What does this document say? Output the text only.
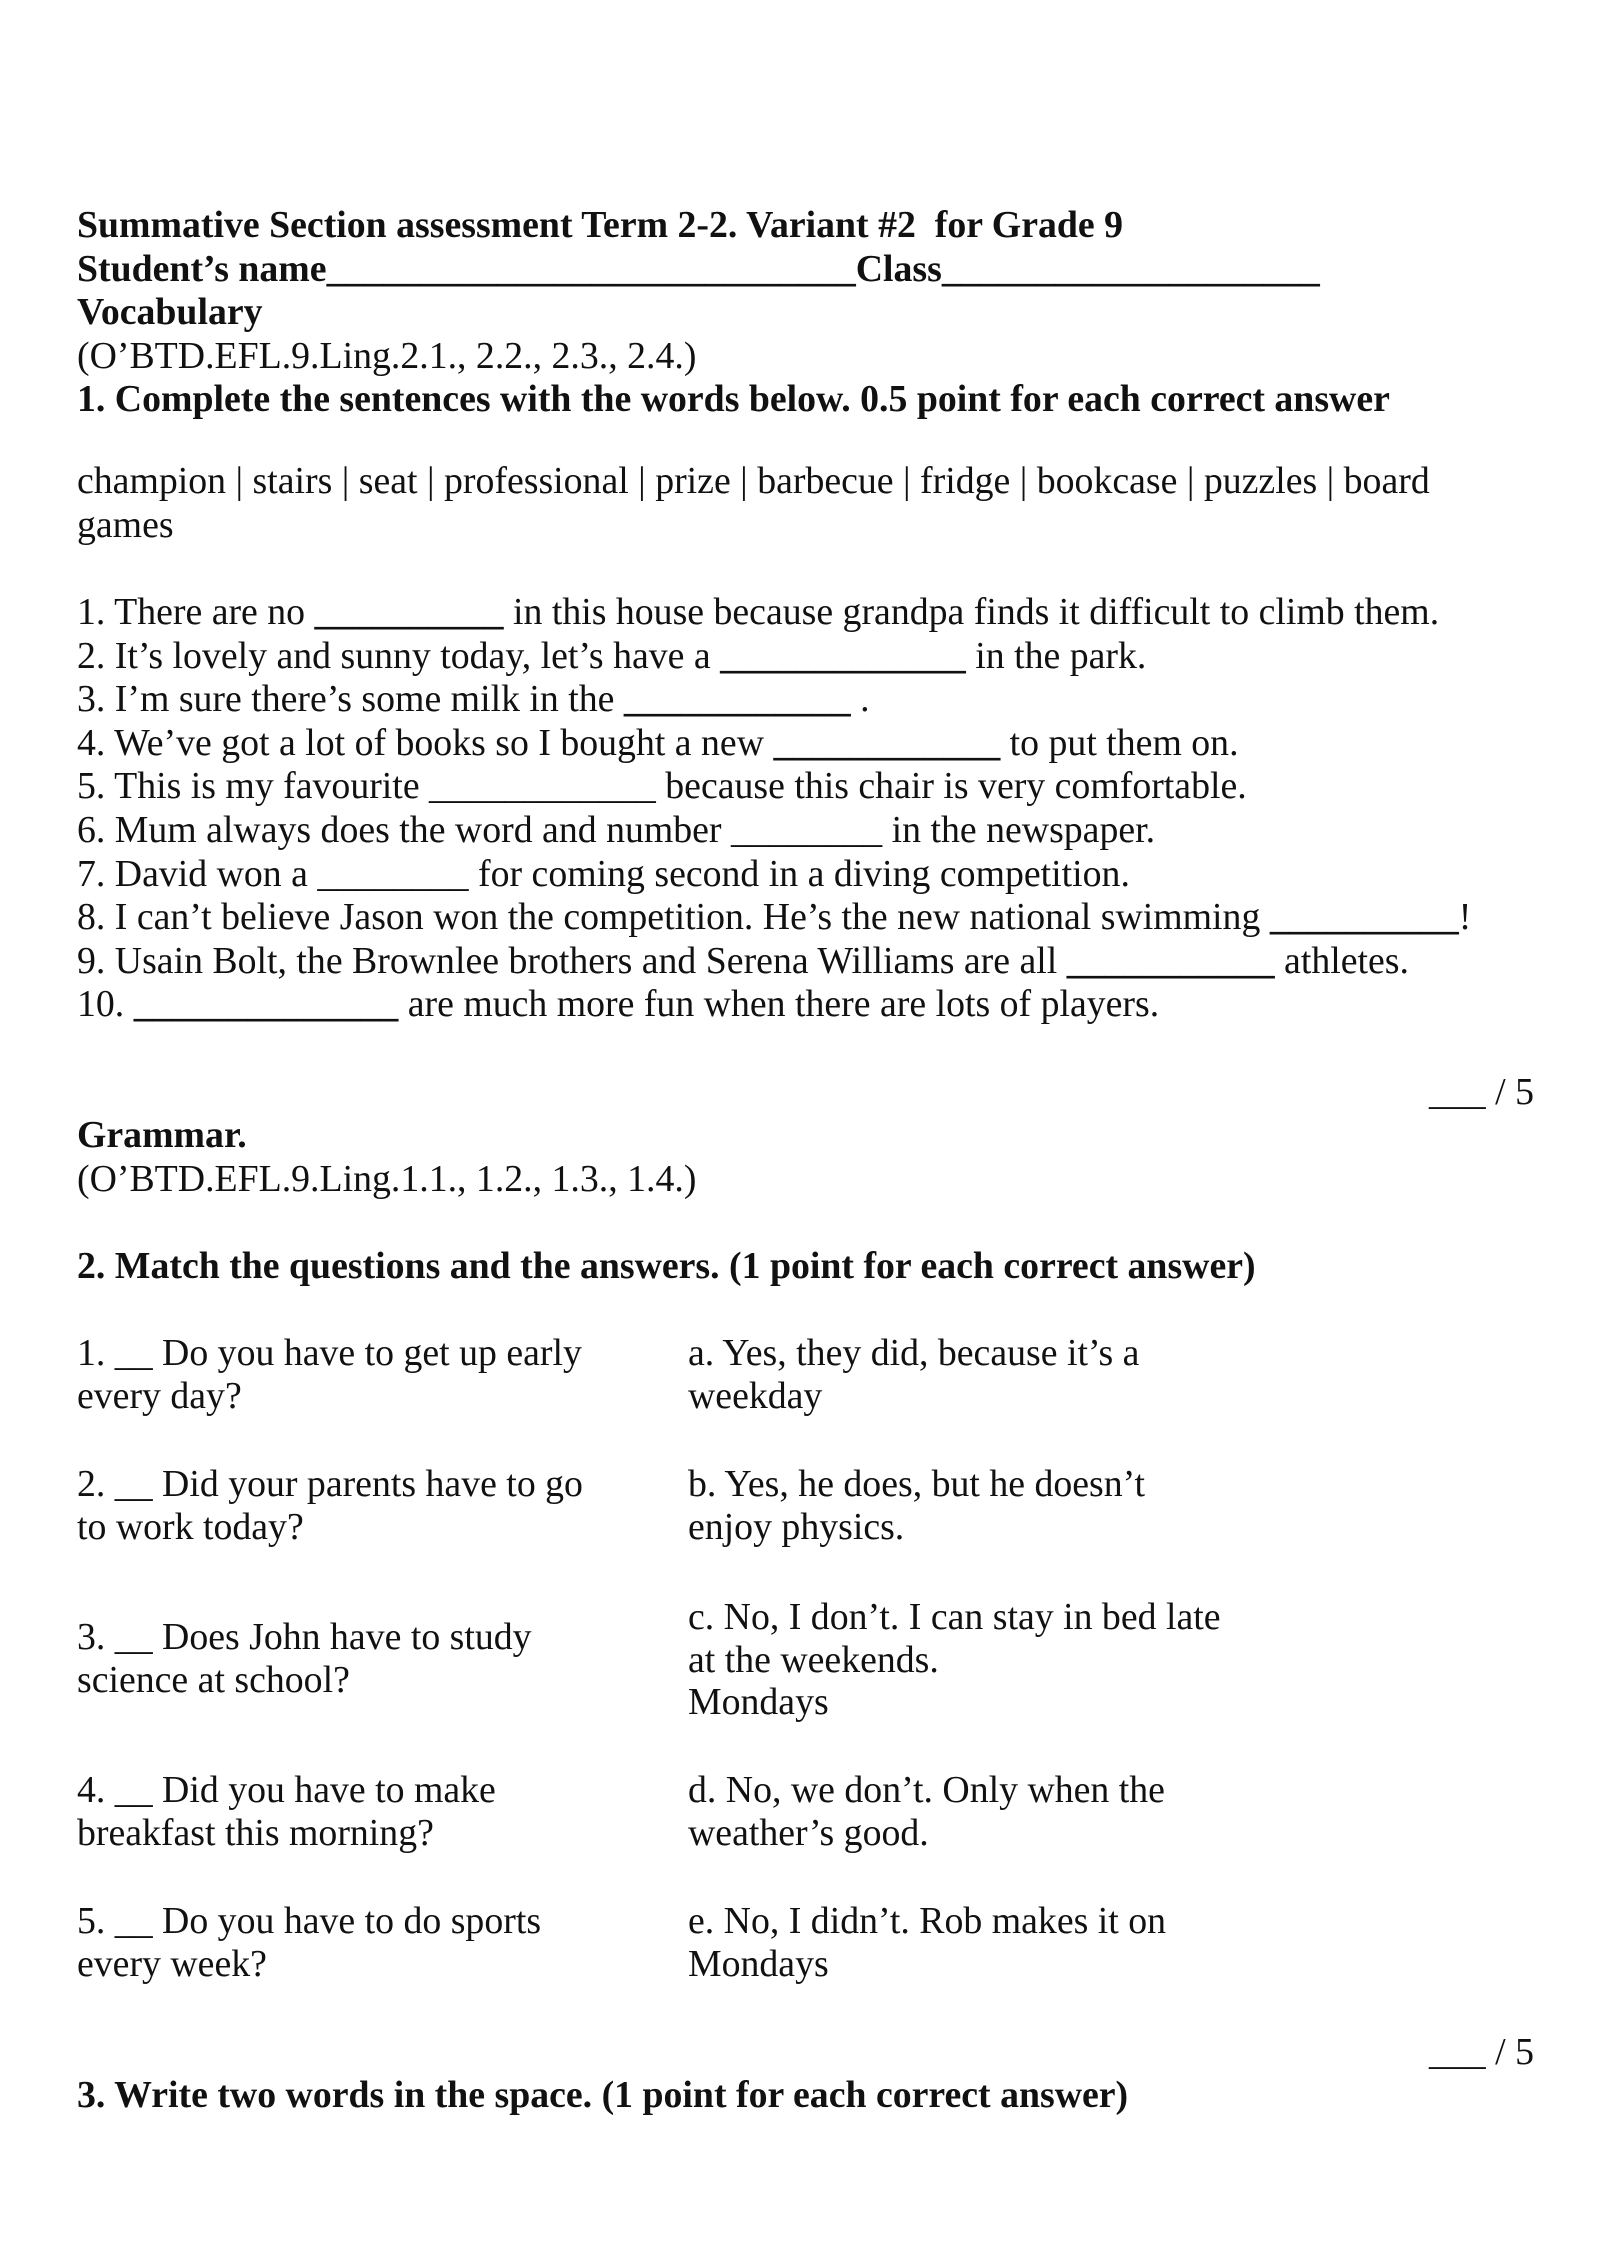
Summative Section assessment Term 2-2. Variant #2  for Grade 9
Student’s name____________________________Class____________________
Vocabulary
(O’BTD.EFL.9.Ling.2.1., 2.2., 2.3., 2.4.)
1. Complete the sentences with the words below. 0.5 point for each correct answer
champion | stairs | seat | professional | prize | barbecue | fridge | bookcase | puzzles | board
games
1. There are no __________ in this house because grandpa finds it difficult to climb them.
2. It’s lovely and sunny today, let’s have a _____________ in the park.
3. I’m sure there’s some milk in the ____________ .
4. We’ve got a lot of books so I bought a new ____________ to put them on.
5. This is my favourite ____________ because this chair is very comfortable.
6. Mum always does the word and number ________ in the newspaper.
7. David won a ________ for coming second in a diving competition.
8. I can’t believe Jason won the competition. He’s the new national swimming __________!
9. Usain Bolt, the Brownlee brothers and Serena Williams are all ___________ athletes.
10. ______________ are much more fun when there are lots of players.
___ / 5
Grammar.
(O’BTD.EFL.9.Ling.1.1., 1.2., 1.3., 1.4.)
2. Match the questions and the answers. (1 point for each correct answer)
1. __ Do you have to get up early
every day?
2. __ Did your parents have to go
to work today?
3. __ Does John have to study
science at school?
4. __ Did you have to make
breakfast this morning?
5. __ Do you have to do sports
every week?
a. Yes, they did, because it’s a
weekday
b. Yes, he does, but he doesn’t
enjoy physics.
c. No, I don’t. I can stay in bed late
at the weekends.
Mondays
d. No, we don’t. Only when the
weather’s good.
e. No, I didn’t. Rob makes it on
Mondays
___ / 5
3. Write two words in the space. (1 point for each correct answer)
